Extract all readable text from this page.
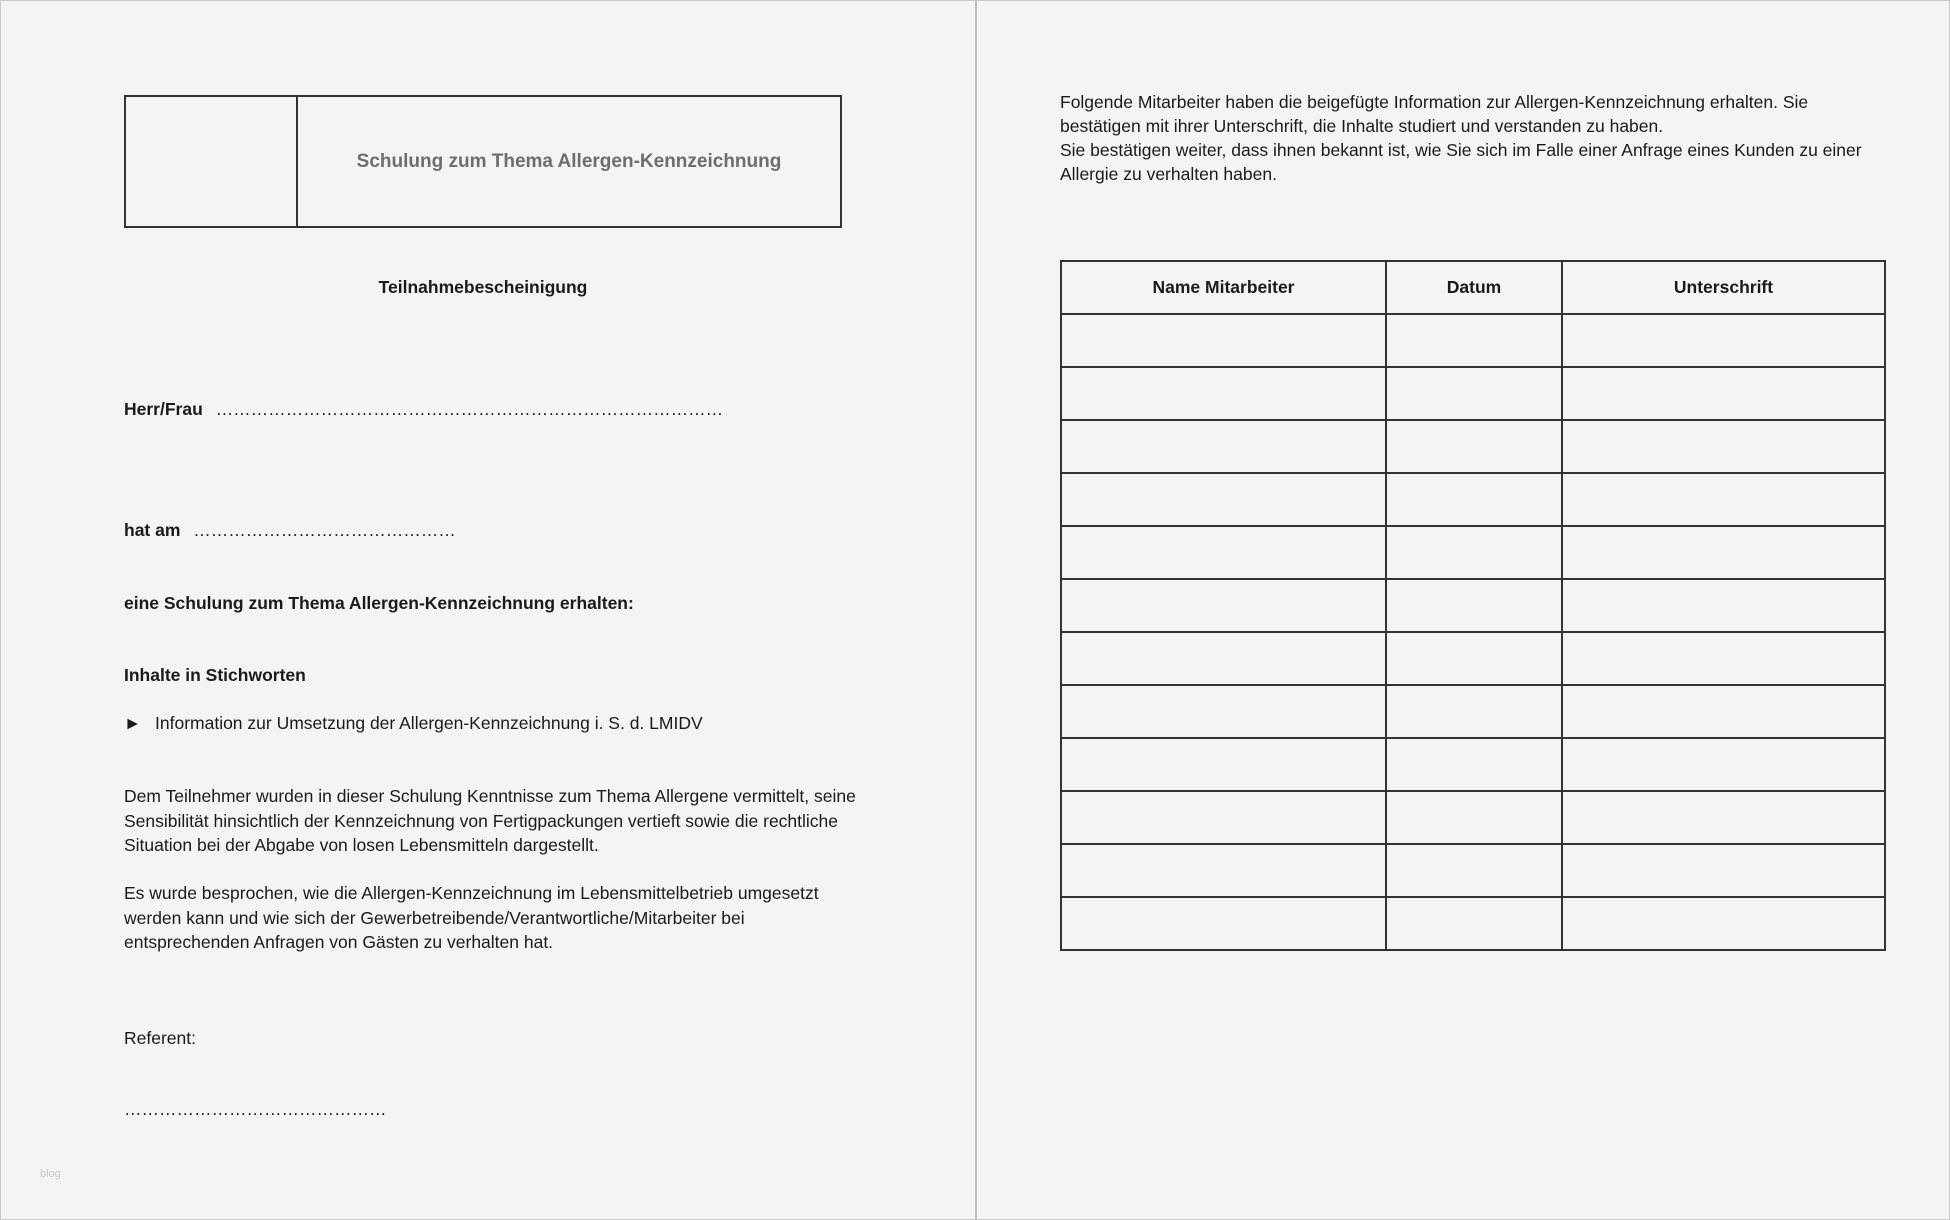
Schulung zum Thema Allergen-Kennzeichnung
Teilnahmebescheinigung
Herr/Frau ……………………………………………………………………………
hat am ………………………………………
eine Schulung zum Thema Allergen-Kennzeichnung erhalten:
Inhalte in Stichworten
► Information zur Umsetzung der Allergen-Kennzeichnung i. S. d. LMIDV
Dem Teilnehmer wurden in dieser Schulung Kenntnisse zum Thema Allergene vermittelt, seine Sensibilität hinsichtlich der Kennzeichnung von Fertigpackungen vertieft sowie die rechtliche Situation bei der Abgabe von losen Lebensmitteln dargestellt.
Es wurde besprochen, wie die Allergen-Kennzeichnung im Lebensmittelbetrieb umgesetzt werden kann und wie sich der Gewerbetreibende/Verantwortliche/Mitarbeiter bei entsprechenden Anfragen von Gästen zu verhalten hat.
Referent:
………………………………………
blog
Folgende Mitarbeiter haben die beigefügte Information zur Allergen-Kennzeichnung erhalten. Sie bestätigen mit ihrer Unterschrift, die Inhalte studiert und verstanden zu haben.
Sie bestätigen weiter, dass ihnen bekannt ist, wie Sie sich im Falle einer Anfrage eines Kunden zu einer Allergie zu verhalten haben.
Name Mitarbeiter	Datum	Unterschrift
